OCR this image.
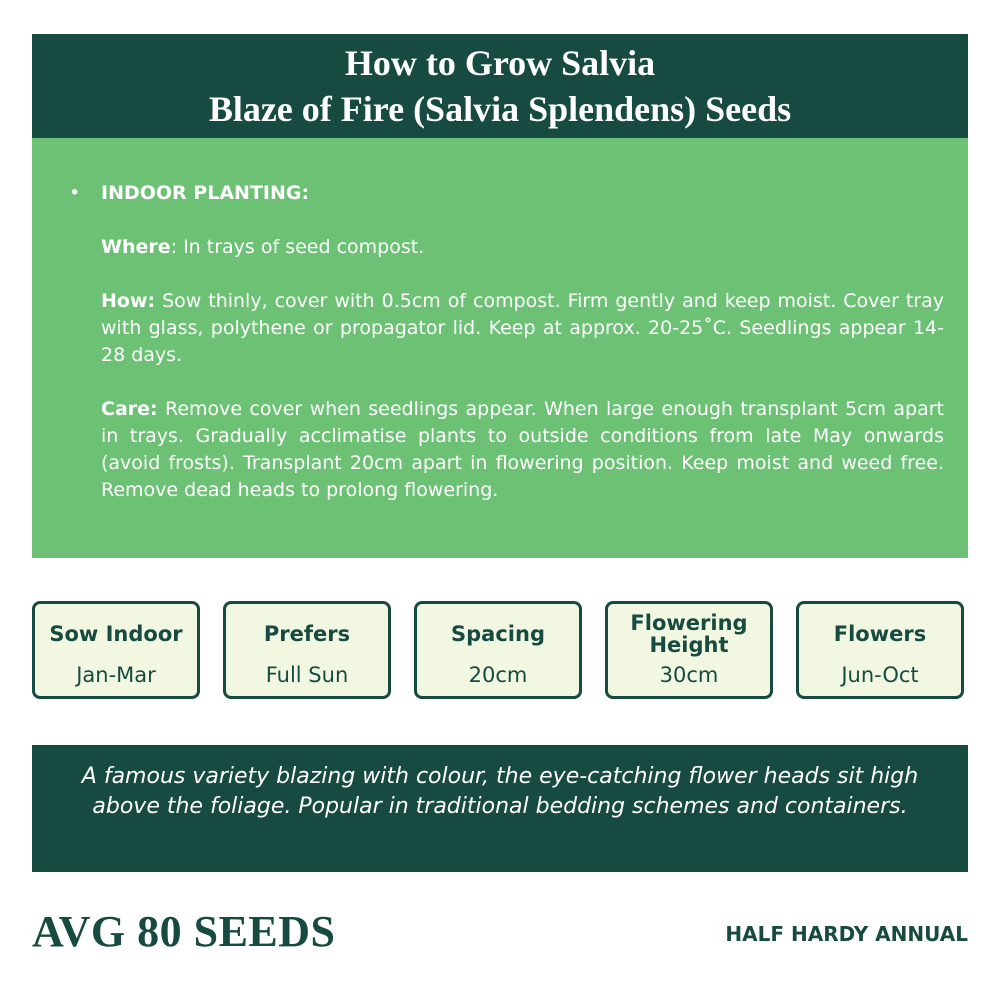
How to Grow Salvia
Blaze of Fire (Salvia Splendens) Seeds
•	INDOOR PLANTING:
Where: In trays of seed compost.
How: Sow thinly, cover with 0.5cm of compost. Firm gently and keep moist. Cover tray with glass, polythene or propagator lid. Keep at approx. 20-25˚C. Seedlings appear 14-28 days.
Care: Remove cover when seedlings appear. When large enough transplant 5cm apart in trays. Gradually acclimatise plants to outside conditions from late May onwards (avoid frosts). Transplant 20cm apart in flowering position. Keep moist and weed free. Remove dead heads to prolong flowering.
Sow Indoor
Jan-Mar
Prefers
Full Sun
Spacing
20cm
Flowering Height
30cm
Flowers
Jun-Oct
A famous variety blazing with colour, the eye-catching flower heads sit high above the foliage. Popular in traditional bedding schemes and containers.
AVG 80 SEEDS	HALF HARDY ANNUAL
